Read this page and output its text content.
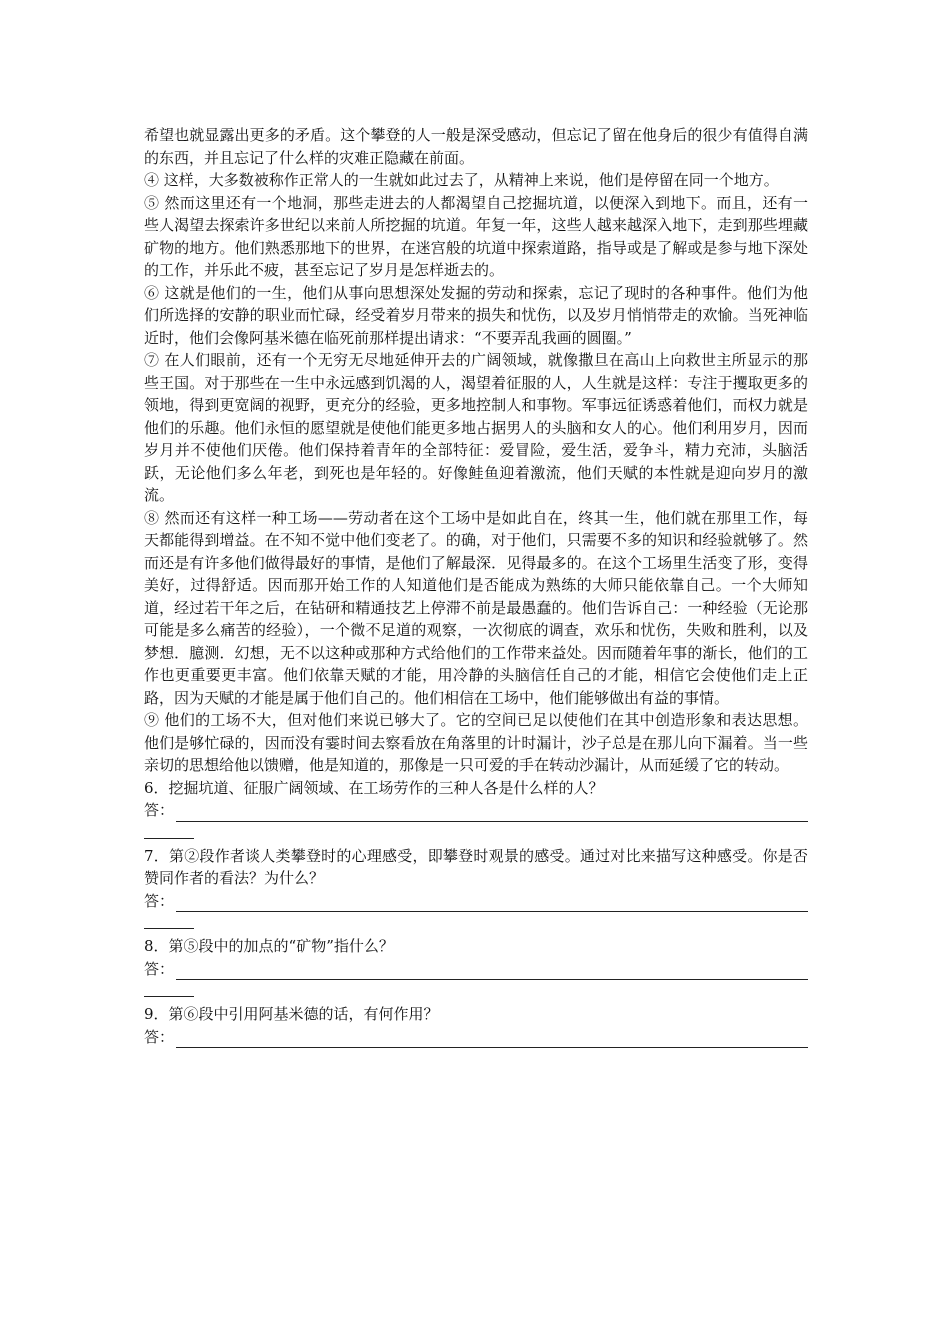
希望也就显露出更多的矛盾。这个攀登的人一般是深受感动，但忘记了留在他身后的很少有值得自满的东西，并且忘记了什么样的灾难正隐藏在前面。

④ 这样，大多数被称作正常人的一生就如此过去了，从精神上来说，他们是停留在同一个地方。

⑤ 然而这里还有一个地洞，那些走进去的人都渴望自己挖掘坑道，以便深入到地下。而且，还有一些人渴望去探索许多世纪以来前人所挖掘的坑道。年复一年，这些人越来越深入地下，走到那些埋藏矿物的地方。他们熟悉那地下的世界，在迷宫般的坑道中探索道路，指导或是了解或是参与地下深处的工作，并乐此不疲，甚至忘记了岁月是怎样逝去的。

⑥ 这就是他们的一生，他们从事向思想深处发掘的劳动和探索，忘记了现时的各种事件。他们为他们所选择的安静的职业而忙碌，经受着岁月带来的损失和忧伤，以及岁月悄悄带走的欢愉。当死神临近时，他们会像阿基米德在临死前那样提出请求：“不要弄乱我画的圆圈。”

⑦ 在人们眼前，还有一个无穷无尽地延伸开去的广阔领域，就像撒旦在高山上向救世主所显示的那些王国。对于那些在一生中永远感到饥渴的人，渴望着征服的人，人生就是这样：专注于攫取更多的领地，得到更宽阔的视野，更充分的经验，更多地控制人和事物。军事远征诱惑着他们，而权力就是他们的乐趣。他们永恒的愿望就是使他们能更多地占据男人的头脑和女人的心。他们利用岁月，因而岁月并不使他们厌倦。他们保持着青年的全部特征：爱冒险，爱生活，爱争斗，精力充沛，头脑活跃，无论他们多么年老，到死也是年轻的。好像鲑鱼迎着激流，他们天赋的本性就是迎向岁月的激流。

⑧ 然而还有这样一种工场——劳动者在这个工场中是如此自在，终其一生，他们就在那里工作，每天都能得到增益。在不知不觉中他们变老了。的确，对于他们，只需要不多的知识和经验就够了。然而还是有许多他们做得最好的事情，是他们了解最深．见得最多的。在这个工场里生活变了形，变得美好，过得舒适。因而那开始工作的人知道他们是否能成为熟练的大师只能依靠自己。一个大师知道，经过若干年之后，在钻研和精通技艺上停滞不前是最愚蠢的。他们告诉自己：一种经验（无论那可能是多么痛苦的经验），一个微不足道的观察，一次彻底的调查，欢乐和忧伤，失败和胜利，以及梦想．臆测．幻想，无不以这种或那种方式给他们的工作带来益处。因而随着年事的渐长，他们的工作也更重要更丰富。他们依靠天赋的才能，用冷静的头脑信任自己的才能，相信它会使他们走上正路，因为天赋的才能是属于他们自己的。他们相信在工场中，他们能够做出有益的事情。

⑨ 他们的工场不大，但对他们来说已够大了。它的空间已足以使他们在其中创造形象和表达思想。他们是够忙碌的，因而没有霎时间去察看放在角落里的计时漏计，沙子总是在那儿向下漏着。当一些亲切的思想给他以馈赠，他是知道的，那像是一只可爱的手在转动沙漏计，从而延缓了它的转动。

6．挖掘坑道、征服广阔领域、在工场劳作的三种人各是什么样的人？

答：

7．第②段作者谈人类攀登时的心理感受，即攀登时观景的感受。通过对比来描写这种感受。你是否赞同作者的看法？为什么？

答：

8．第⑤段中的加点的“矿物”指什么？

答：

9．第⑥段中引用阿基米德的话，有何作用？

答：
